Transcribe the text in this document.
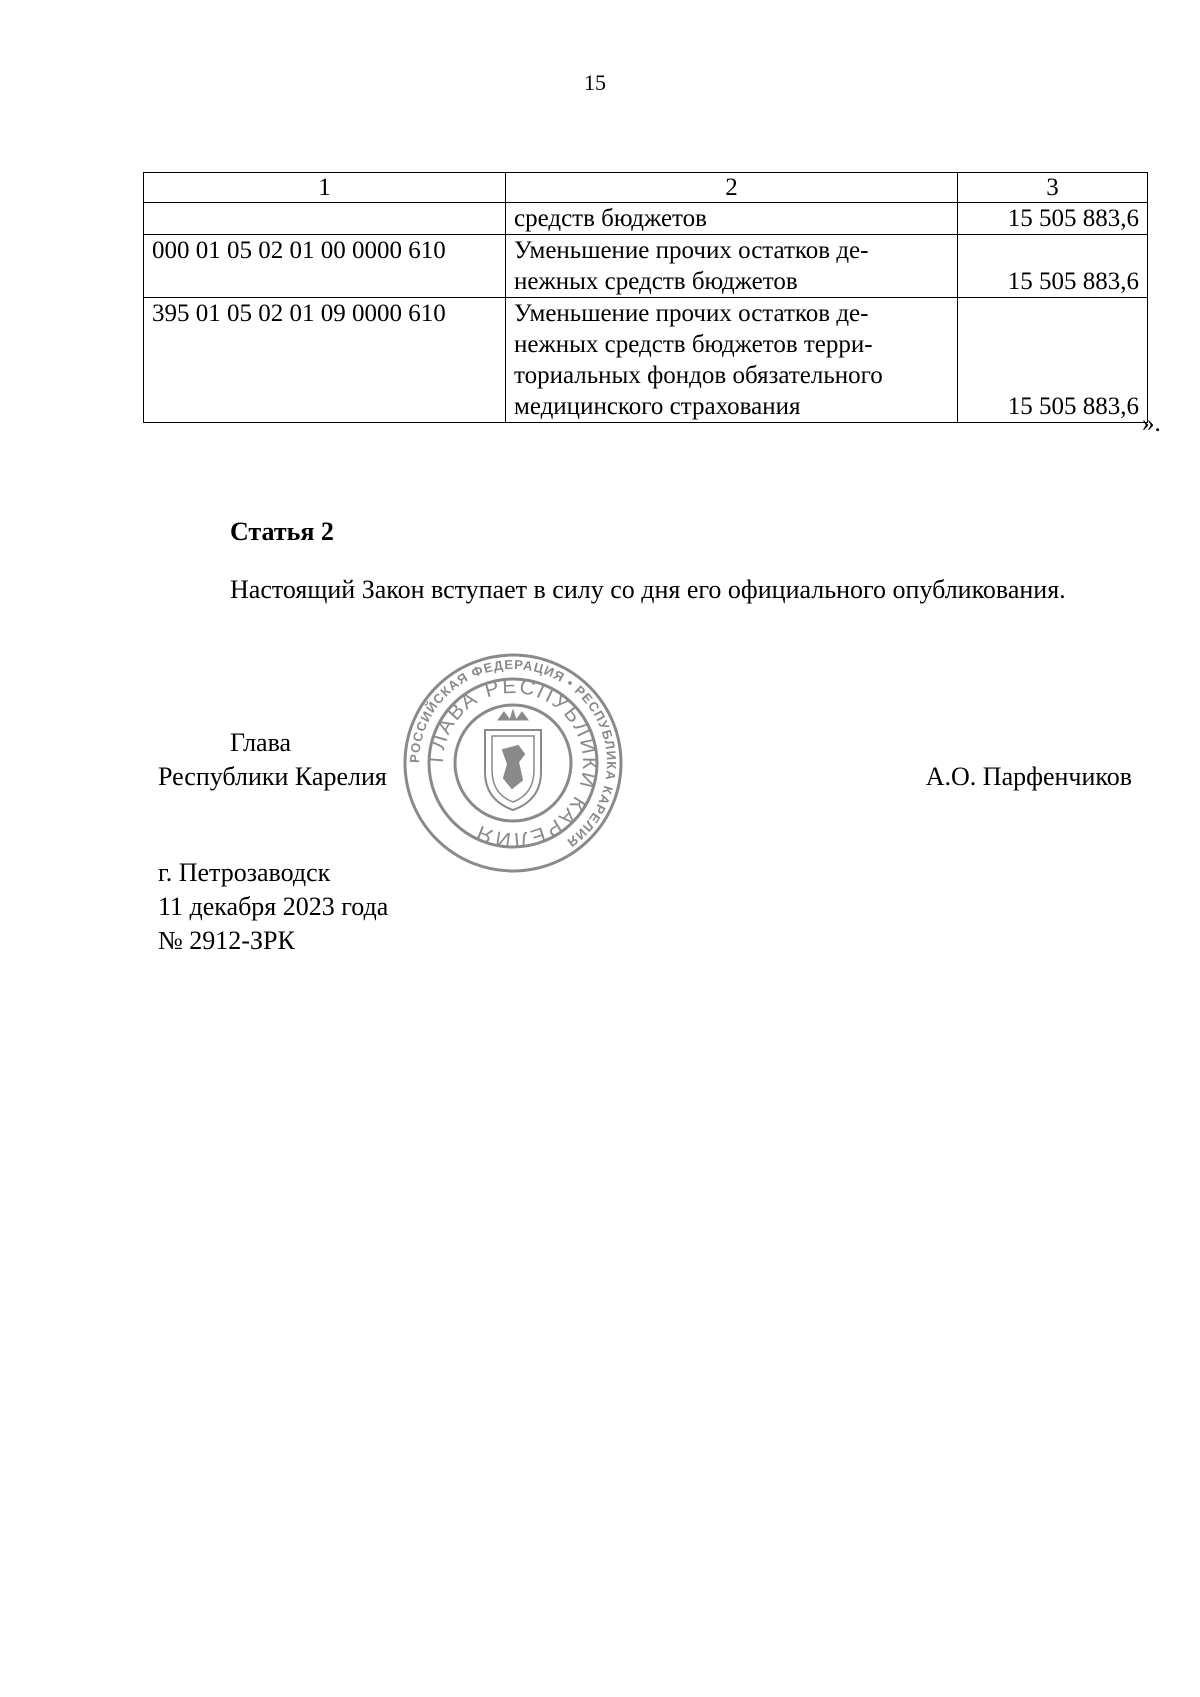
15
1	2	3
	средств бюджетов	15 505 883,6
000 01 05 02 01 00 0000 610	Уменьшение прочих остатков де-
нежных средств бюджетов	15 505 883,6
395 01 05 02 01 09 0000 610	Уменьшение прочих остатков де-
нежных средств бюджетов терри-
ториальных фондов обязательного
медицинского страхования	15 505 883,6
».
Статья 2
Настоящий Закон вступает в силу со дня его официального опубликования.
Глава
Республики Карелия	А.О. Парфенчиков
РОССИЙСКАЯ ФЕДЕРАЦИЯ • РЕСПУБЛИКА КАРЕЛИЯ
ГЛАВА РЕСПУБЛИКИ КАРЕЛИЯ
г. Петрозаводск
11 декабря 2023 года
№ 2912-ЗРК
